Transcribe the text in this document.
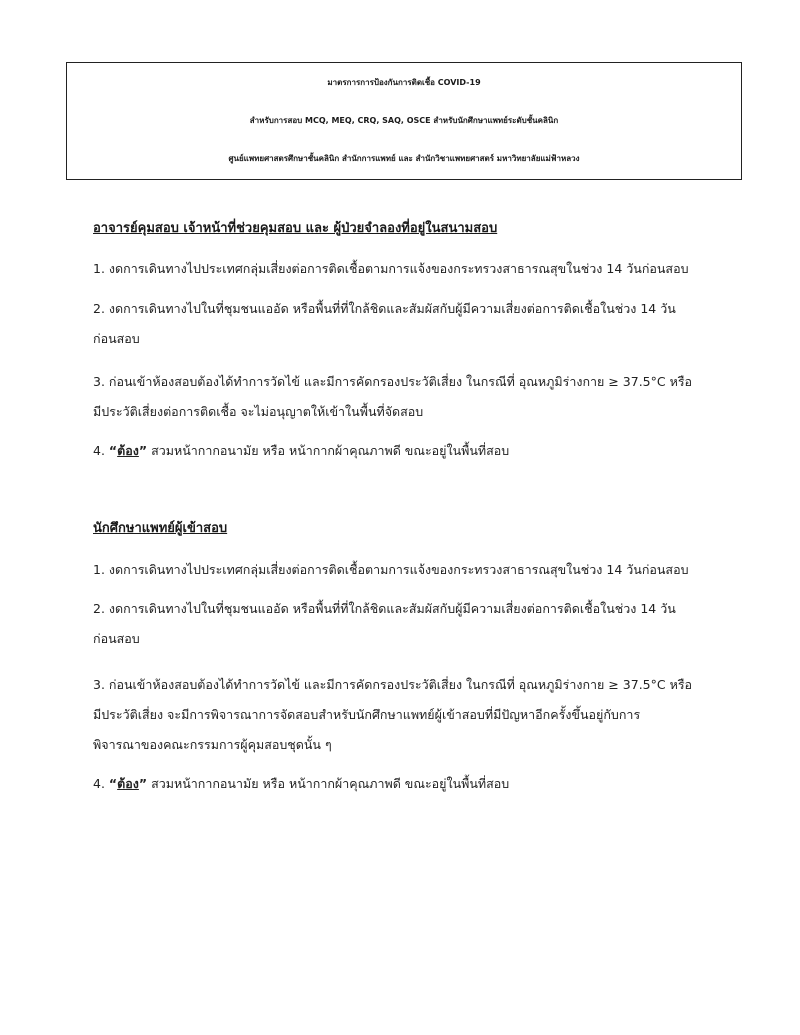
มาตรการการป้องกันการติดเชื้อ COVID-19
สำหรับการสอบ MCQ, MEQ, CRQ, SAQ, OSCE สำหรับนักศึกษาแพทย์ระดับชั้นคลินิก
ศูนย์แพทยศาสตรศึกษาชั้นคลินิก สำนักการแพทย์ และ สำนักวิชาแพทยศาสตร์ มหาวิทยาลัยแม่ฟ้าหลวง
อาจารย์คุมสอบ เจ้าหน้าที่ช่วยคุมสอบ และ ผู้ป่วยจำลองที่อยู่ในสนามสอบ
1. งดการเดินทางไปประเทศกลุ่มเสี่ยงต่อการติดเชื้อตามการแจ้งของกระทรวงสาธารณสุขในช่วง 14 วันก่อนสอบ
2. งดการเดินทางไปในที่ชุมชนแออัด หรือพื้นที่ที่ใกล้ชิดและสัมผัสกับผู้มีความเสี่ยงต่อการติดเชื้อในช่วง 14 วัน
ก่อนสอบ
3. ก่อนเข้าห้องสอบต้องได้ทำการวัดไข้ และมีการคัดกรองประวัติเสี่ยง ในกรณีที่ อุณหภูมิร่างกาย ≥ 37.5°C หรือ
มีประวัติเสี่ยงต่อการติดเชื้อ จะไม่อนุญาตให้เข้าในพื้นที่จัดสอบ
4. “ต้อง” สวมหน้ากากอนามัย หรือ หน้ากากผ้าคุณภาพดี ขณะอยู่ในพื้นที่สอบ
นักศึกษาแพทย์ผู้เข้าสอบ
1. งดการเดินทางไปประเทศกลุ่มเสี่ยงต่อการติดเชื้อตามการแจ้งของกระทรวงสาธารณสุขในช่วง 14 วันก่อนสอบ
2. งดการเดินทางไปในที่ชุมชนแออัด หรือพื้นที่ที่ใกล้ชิดและสัมผัสกับผู้มีความเสี่ยงต่อการติดเชื้อในช่วง 14 วัน
ก่อนสอบ
3. ก่อนเข้าห้องสอบต้องได้ทำการวัดไข้ และมีการคัดกรองประวัติเสี่ยง ในกรณีที่ อุณหภูมิร่างกาย ≥ 37.5°C หรือ
มีประวัติเสี่ยง จะมีการพิจารณาการจัดสอบสำหรับนักศึกษาแพทย์ผู้เข้าสอบที่มีปัญหาอีกครั้งขึ้นอยู่กับการ
พิจารณาของคณะกรรมการผู้คุมสอบชุดนั้น ๆ
4. “ต้อง” สวมหน้ากากอนามัย หรือ หน้ากากผ้าคุณภาพดี ขณะอยู่ในพื้นที่สอบ
